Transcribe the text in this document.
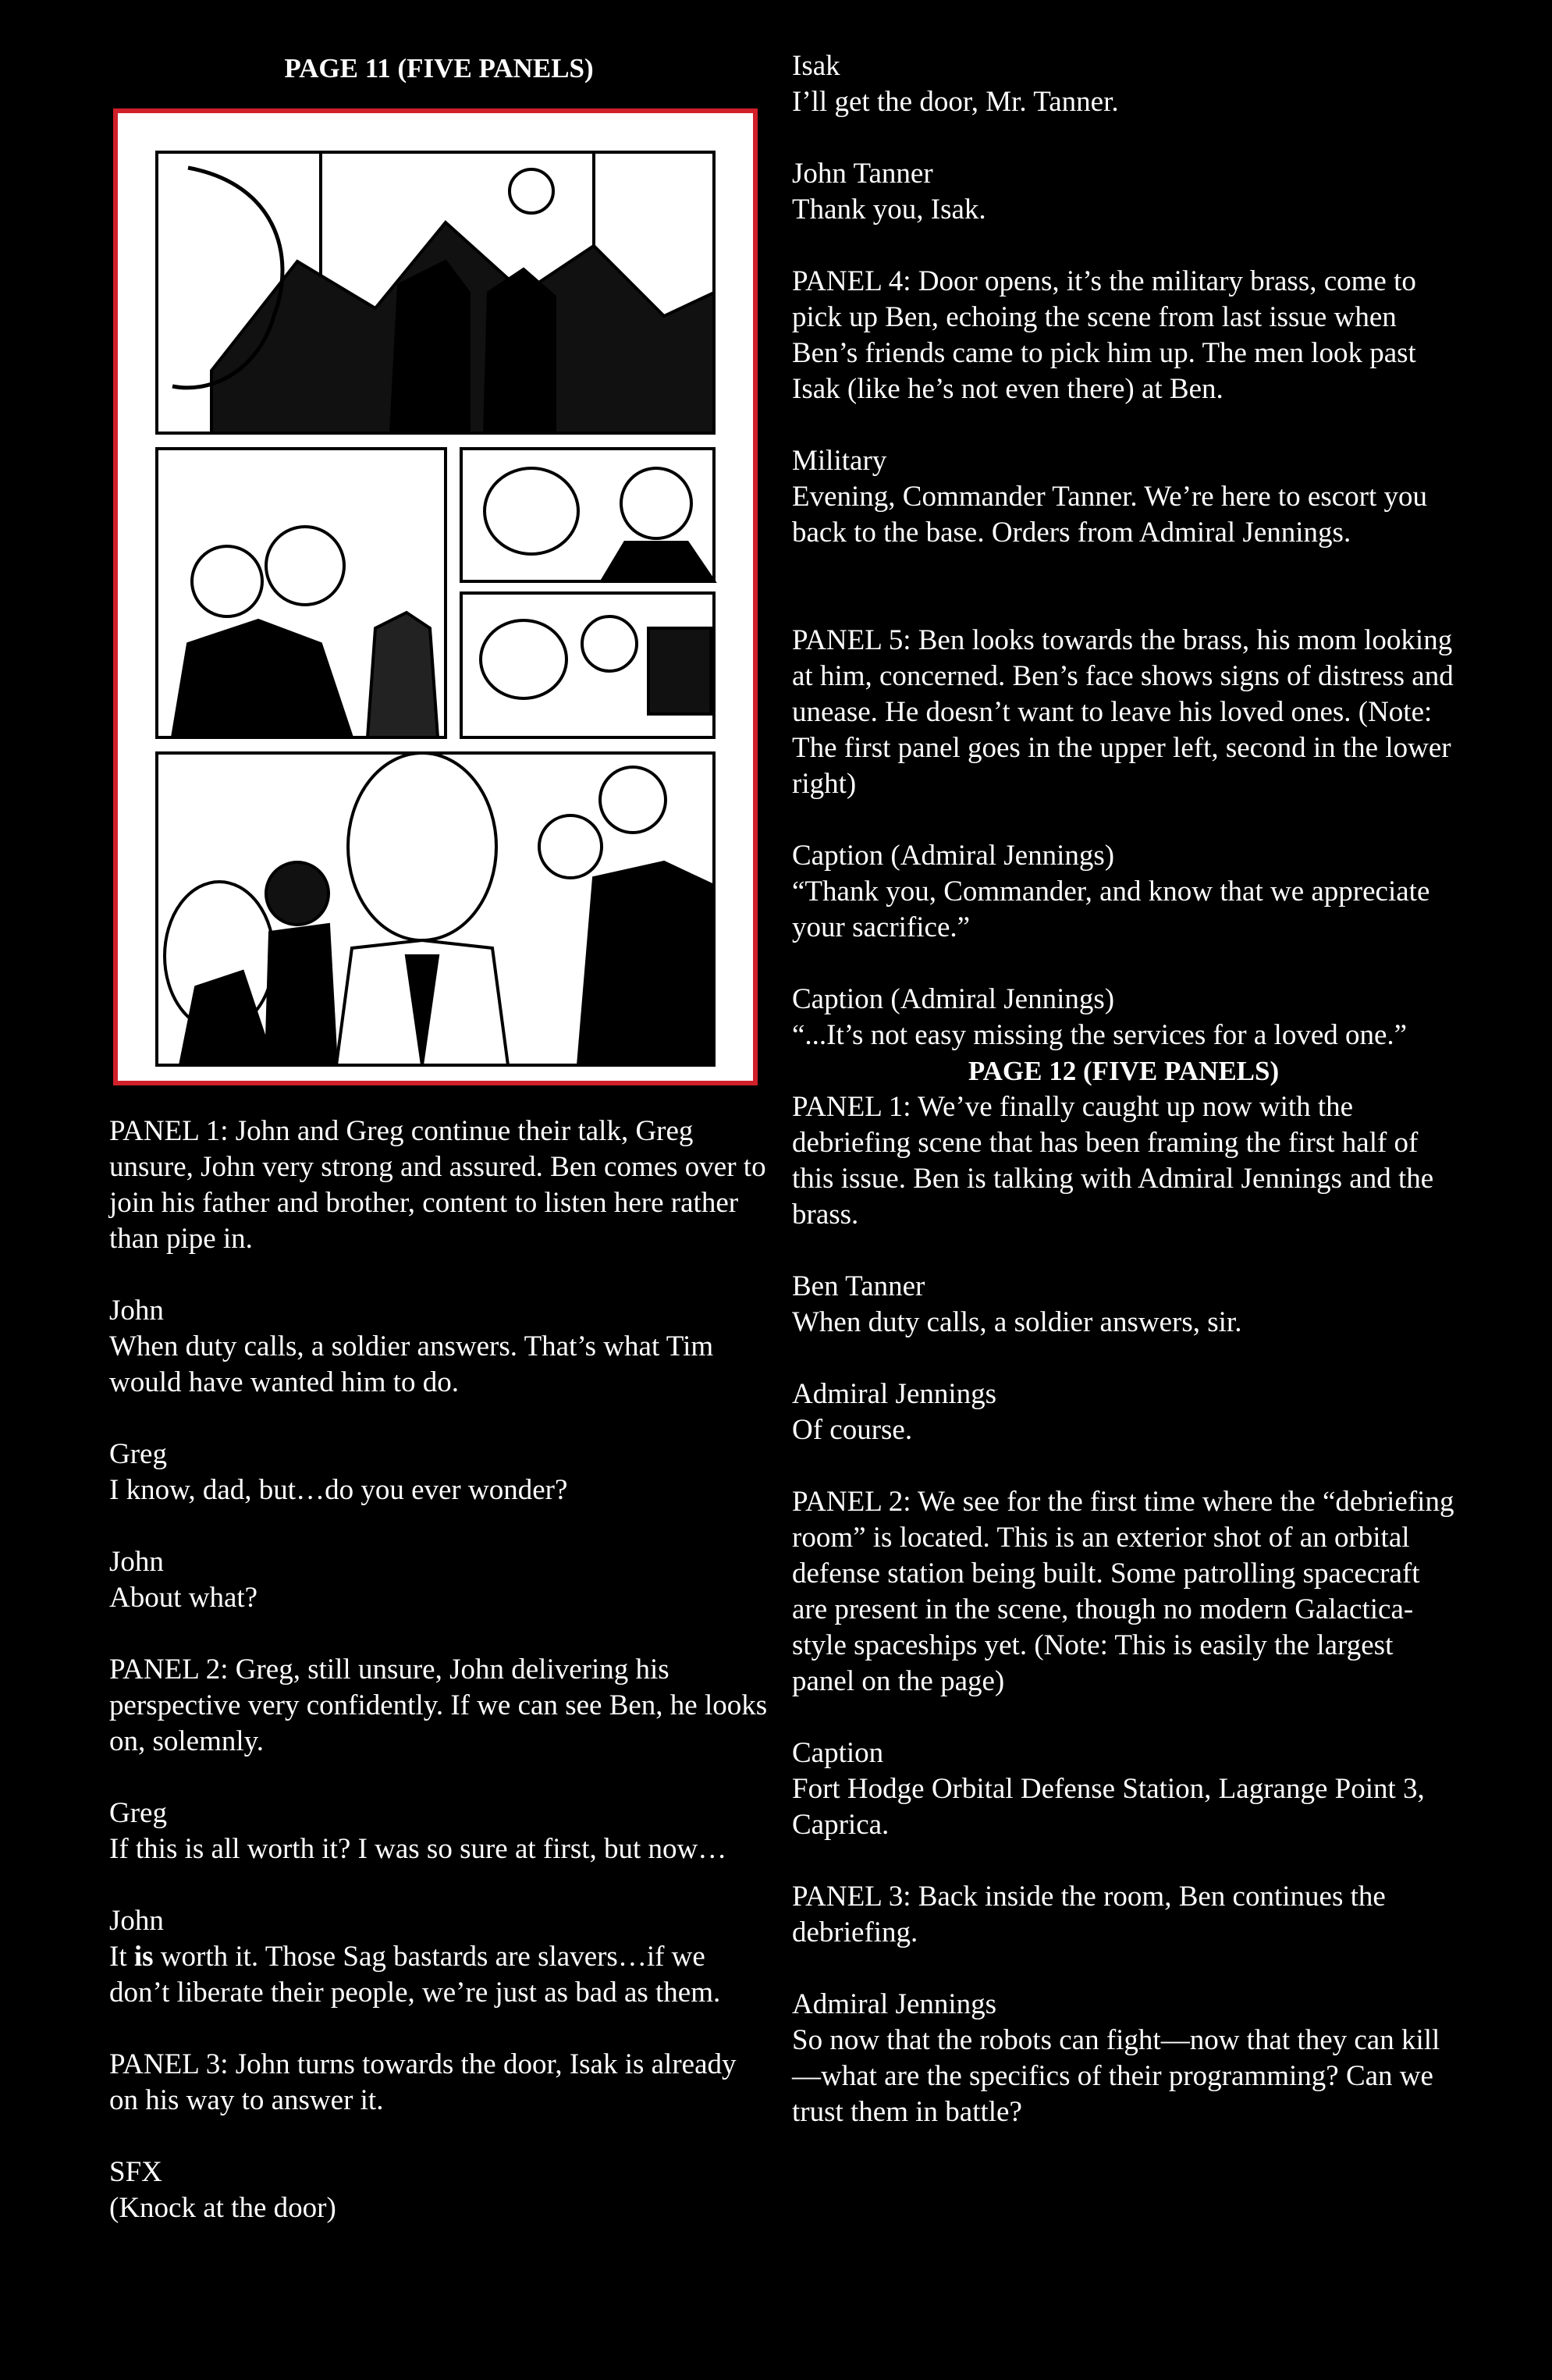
PAGE 11 (FIVE PANELS)

PANEL 1: John and Greg continue their talk, Greg unsure, John very strong and assured. Ben comes over to join his father and brother, content to listen here rather than pipe in.

John
When duty calls, a soldier answers. That’s what Tim would have wanted him to do.

Greg
I know, dad, but…do you ever wonder?

John
About what?

PANEL 2: Greg, still unsure, John delivering his perspective very confidently. If we can see Ben, he looks on, solemnly.

Greg
If this is all worth it? I was so sure at first, but now…

John
It is worth it. Those Sag bastards are slavers…if we don’t liberate their people, we’re just as bad as them.

PANEL 3: John turns towards the door, Isak is already on his way to answer it.

SFX
(Knock at the door)

Isak
I’ll get the door, Mr. Tanner.

John Tanner
Thank you, Isak.

PANEL 4: Door opens, it’s the military brass, come to pick up Ben, echoing the scene from last issue when Ben’s friends came to pick him up. The men look past Isak (like he’s not even there) at Ben.

Military
Evening, Commander Tanner. We’re here to escort you back to the base. Orders from Admiral Jennings.

PANEL 5: Ben looks towards the brass, his mom looking at him, concerned. Ben’s face shows signs of distress and unease. He doesn’t want to leave his loved ones. (Note: The first panel goes in the upper left, second in the lower right)

Caption (Admiral Jennings)
“Thank you, Commander, and know that we appreciate your sacrifice.”

Caption (Admiral Jennings)
“...It’s not easy missing the services for a loved one.”

PAGE 12 (FIVE PANELS)

PANEL 1: We’ve finally caught up now with the debriefing scene that has been framing the first half of this issue. Ben is talking with Admiral Jennings and the brass.

Ben Tanner
When duty calls, a soldier answers, sir.

Admiral Jennings
Of course.

PANEL 2: We see for the first time where the “debriefing room” is located. This is an exterior shot of an orbital defense station being built. Some patrolling spacecraft are present in the scene, though no modern Galactica-style spaceships yet. (Note: This is easily the largest panel on the page)

Caption
Fort Hodge Orbital Defense Station, Lagrange Point 3, Caprica.

PANEL 3: Back inside the room, Ben continues the debriefing.

Admiral Jennings
So now that the robots can fight—now that they can kill—what are the specifics of their programming? Can we trust them in battle?
